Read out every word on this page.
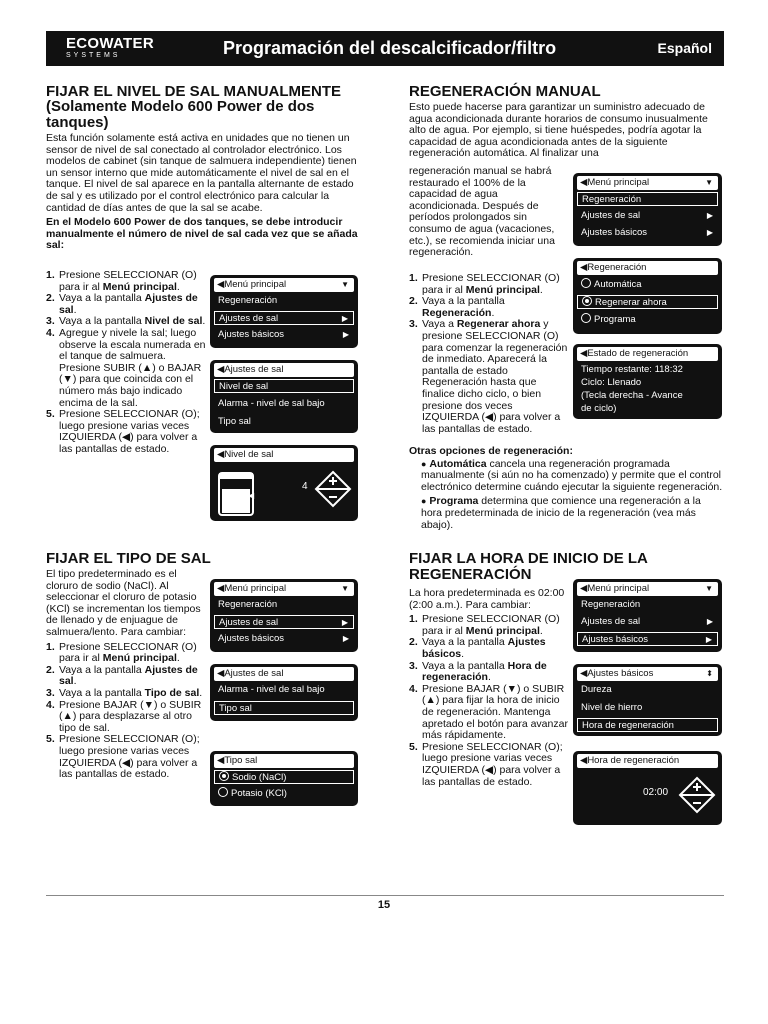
ECOWATER
SYSTEMS	Programación del descalcificador/filtro	Español
FIJAR EL NIVEL DE SAL MANUALMENTE
(Solamente Modelo 600 Power de dos tanques)

Esta función solamente está activa en unidades que no tienen un sensor de nivel de sal conectado al controlador electrónico. Los modelos de cabinet (sin tanque de salmuera independiente) tienen un sensor interno que mide automáticamente el nivel de sal en el tanque. El nivel de sal aparece en la pantalla alternante de estado de sal y es utilizado por el control electrónico para calcular la cantidad de días antes de que la sal se acabe.

En el Modelo 600 Power de dos tanques, se debe introducir manualmente el número de nivel de sal cada vez que se añada sal:

1. Presione SELECCIONAR (O) para ir al Menú principal.
2. Vaya a la pantalla Ajustes de sal.
3. Vaya a la pantalla Nivel de sal.
4. Agregue y nivele la sal; luego observe la escala numerada en el tanque de salmuera. Presione SUBIR (▲) o BAJAR (▼) para que coincida con el número más bajo indicado encima de la sal.
5. Presione SELECCIONAR (O); luego presione varias veces IZQUIERDA (◀) para volver a las pantallas de estado.
◀Menú principal	▼
Regeneración
Ajustes de sal	▶
Ajustes básicos	▶
◀Ajustes de sal
Nivel de sal
Alarma - nivel de sal bajo
Tipo sal
◀Nivel de sal
◀
4
REGENERACIÓN MANUAL

Esto puede hacerse para garantizar un suministro adecuado de agua acondicionada durante horarios de consumo inusualmente alto de agua. Por ejemplo, si tiene huéspedes, podría agotar la capacidad de agua acondicionada antes de la siguiente regeneración automática. Al finalizar una

regeneración manual se habrá restaurado el 100% de la capacidad de agua acondicionada. Después de períodos prolongados sin consumo de agua (vacaciones, etc.), se recomienda iniciar una regeneración.

1. Presione SELECCIONAR (O) para ir al Menú principal.
2. Vaya a la pantalla Regeneración.
3. Vaya a Regenerar ahora y presione SELECCIONAR (O) para comenzar la regeneración de inmediato. Aparecerá la pantalla de estado Regeneración hasta que finalice dicho ciclo, o bien presione dos veces IZQUIERDA (◀) para volver a las pantallas de estado.

Otras opciones de regeneración:

● Automática cancela una regeneración programada manualmente (si aún no ha comenzado) y permite que el control electrónico determine cuándo ejecutar la siguiente regeneración.

● Programa determina que comience una regeneración a la hora predeterminada de inicio de la regeneración (vea más abajo).

◀Menú principal	▼
Regeneración
Ajustes de sal	▶
Ajustes básicos	▶
◀Regeneración
Automática
Regenerar ahora
Programa
◀Estado de regeneración
Tiempo restante: 118:32
Ciclo: Llenado
(Tecla derecha - Avance
de ciclo)
FIJAR EL TIPO DE SAL

El tipo predeterminado es el cloruro de sodio (NaCl). Al seleccionar el cloruro de potasio (KCl) se incrementan los tiempos de llenado y de enjuague de salmuera/lento. Para cambiar:

1. Presione SELECCIONAR (O) para ir al Menú principal.
2. Vaya a la pantalla Ajustes de sal.
3. Vaya a la pantalla Tipo de sal.
4. Presione BAJAR (▼) o SUBIR (▲) para desplazarse al otro tipo de sal.
5. Presione SELECCIONAR (O); luego presione varias veces IZQUIERDA (◀) para volver a las pantallas de estado.
◀Menú principal	▼
Regeneración
Ajustes de sal	▶
Ajustes básicos	▶
◀Ajustes de sal
Alarma - nivel de sal bajo
Tipo sal
◀Tipo sal
Sodio (NaCl)
Potasio (KCl)
FIJAR LA HORA DE INICIO DE LA REGENERACIÓN

La hora predeterminada es 02:00 (2:00 a.m.). Para cambiar:

1. Presione SELECCIONAR (O) para ir al Menú principal.
2. Vaya a la pantalla Ajustes básicos.
3. Vaya a la pantalla Hora de regeneración.
4. Presione BAJAR (▼) o SUBIR (▲) para fijar la hora de inicio de regeneración. Mantenga apretado el botón para avanzar más rápidamente.
5. Presione SELECCIONAR (O); luego presione varias veces IZQUIERDA (◀) para volver a las pantallas de estado.
◀Menú principal	▼
Regeneración
Ajustes de sal	▶
Ajustes básicos	▶
◀Ajustes básicos	⬍
Dureza
Nivel de hierro
Hora de regeneración
◀Hora de regeneración
02:00
15
